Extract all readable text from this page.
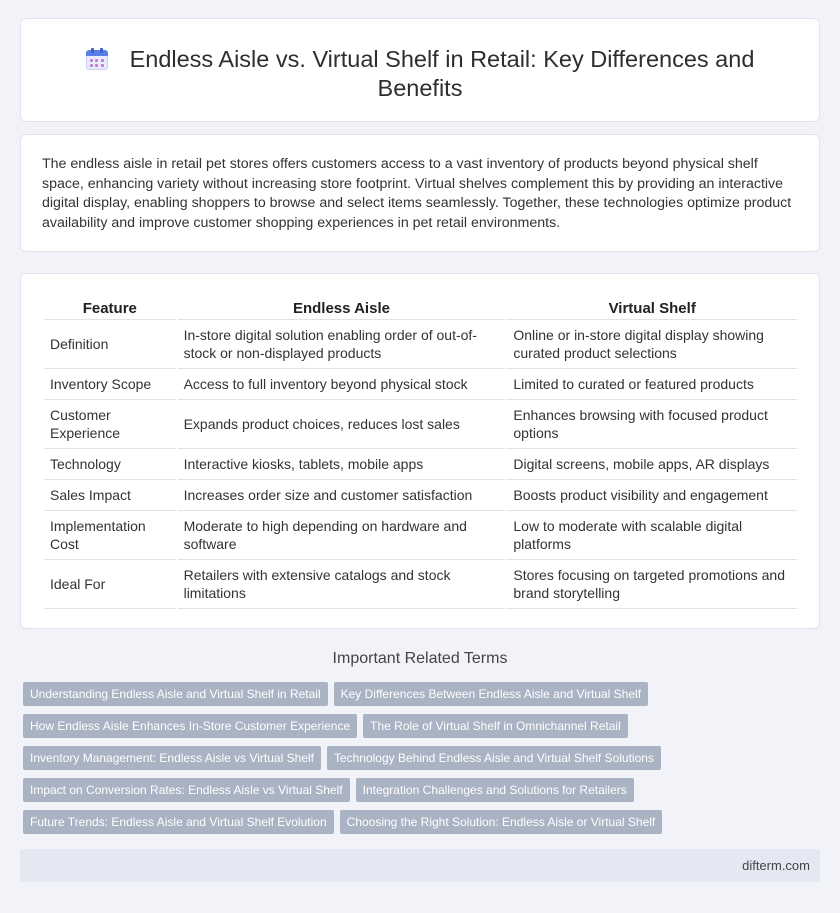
Endless Aisle vs. Virtual Shelf in Retail: Key Differences and Benefits

The endless aisle in retail pet stores offers customers access to a vast inventory of products beyond physical shelf space, enhancing variety without increasing store footprint. Virtual shelves complement this by providing an interactive digital display, enabling shoppers to browse and select items seamlessly. Together, these technologies optimize product availability and improve customer shopping experiences in pet retail environments.

Feature	Endless Aisle	Virtual Shelf
Definition	In-store digital solution enabling order of out-of-stock or non-displayed products	Online or in-store digital display showing curated product selections
Inventory Scope	Access to full inventory beyond physical stock	Limited to curated or featured products
Customer Experience	Expands product choices, reduces lost sales	Enhances browsing with focused product options
Technology	Interactive kiosks, tablets, mobile apps	Digital screens, mobile apps, AR displays
Sales Impact	Increases order size and customer satisfaction	Boosts product visibility and engagement
Implementation Cost	Moderate to high depending on hardware and software	Low to moderate with scalable digital platforms
Ideal For	Retailers with extensive catalogs and stock limitations	Stores focusing on targeted promotions and brand storytelling
Important Related Terms
Understanding Endless Aisle and Virtual Shelf in Retail Key Differences Between Endless Aisle and Virtual Shelf
How Endless Aisle Enhances In-Store Customer Experience The Role of Virtual Shelf in Omnichannel Retail
Inventory Management: Endless Aisle vs Virtual Shelf Technology Behind Endless Aisle and Virtual Shelf Solutions
Impact on Conversion Rates: Endless Aisle vs Virtual Shelf Integration Challenges and Solutions for Retailers
Future Trends: Endless Aisle and Virtual Shelf Evolution Choosing the Right Solution: Endless Aisle or Virtual Shelf
difterm.com
